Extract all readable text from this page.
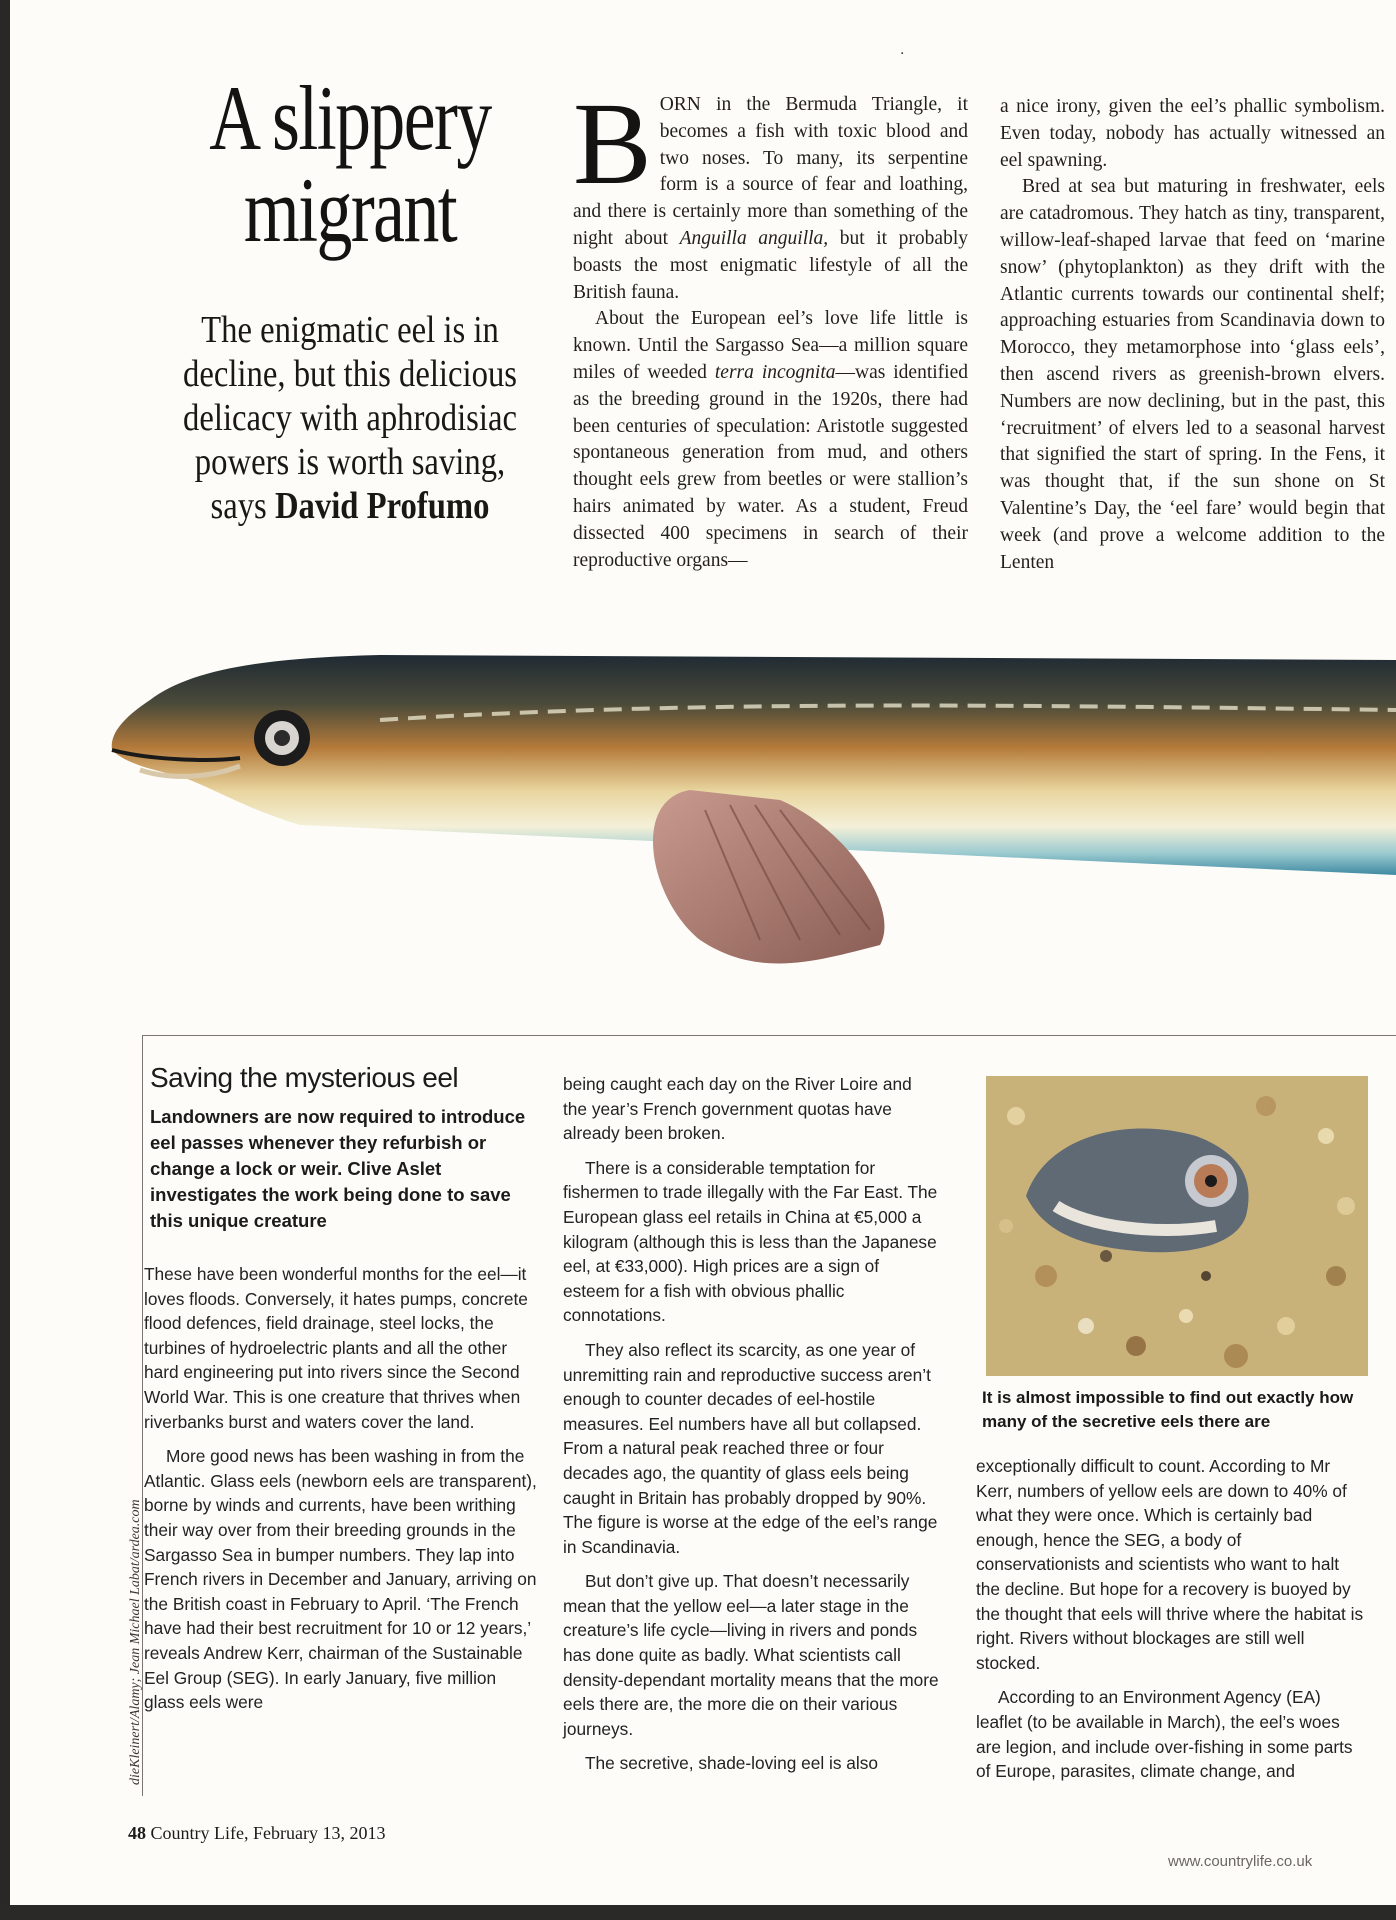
·
A slippery migrant
The enigmatic eel is in decline, but this delicious delicacy with aphrodisiac powers is worth saving, says David Profumo

BORN in the Bermuda Triangle, it becomes a fish with toxic blood and two noses. To many, its serpentine form is a source of fear and loathing, and there is certainly more than something of the night about Anguilla anguilla, but it probably boasts the most enigmatic lifestyle of all the British fauna.

About the European eel’s love life little is known. Until the Sargasso Sea—a million square miles of weeded terra incognita—was identified as the breeding ground in the 1920s, there had been centuries of speculation: Aristotle suggested spontaneous generation from mud, and others thought eels grew from beetles or were stallion’s hairs animated by water. As a student, Freud dissected 400 specimens in search of their reproductive organs—

a nice irony, given the eel’s phallic symbolism. Even today, nobody has actually witnessed an eel spawning.

Bred at sea but maturing in freshwater, eels are catadromous. They hatch as tiny, transparent, willow-leaf-shaped larvae that feed on ‘marine snow’ (phytoplankton) as they drift with the Atlantic currents towards our continental shelf; approaching estuaries from Scandinavia down to Morocco, they metamorphose into ‘glass eels’, then ascend rivers as greenish-brown elvers. Numbers are now declining, but in the past, this ‘recruitment’ of elvers led to a seasonal harvest that signified the start of spring. In the Fens, it was thought that, if the sun shone on St Valentine’s Day, the ‘eel fare’ would begin that week (and prove a welcome addition to the Lenten

Saving the mysterious eel
Landowners are now required to introduce eel passes whenever they refurbish or change a lock or weir. Clive Aslet investigates the work being done to save this unique creature

These have been wonderful months for the eel—it loves floods. Conversely, it hates pumps, concrete flood defences, field drainage, steel locks, the turbines of hydroelectric plants and all the other hard engineering put into rivers since the Second World War. This is one creature that thrives when riverbanks burst and waters cover the land.

More good news has been washing in from the Atlantic. Glass eels (newborn eels are transparent), borne by winds and currents, have been writhing their way over from their breeding grounds in the Sargasso Sea in bumper numbers. They lap into French rivers in December and January, arriving on the British coast in February to April. ‘The French have had their best recruitment for 10 or 12 years,’ reveals Andrew Kerr, chairman of the Sustainable Eel Group (SEG). In early January, five million glass eels were

being caught each day on the River Loire and the year’s French government quotas have already been broken.

There is a considerable temptation for fishermen to trade illegally with the Far East. The European glass eel retails in China at €5,000 a kilogram (although this is less than the Japanese eel, at €33,000). High prices are a sign of esteem for a fish with obvious phallic connotations.

They also reflect its scarcity, as one year of unremitting rain and reproductive success aren’t enough to counter decades of eel-hostile measures. Eel numbers have all but collapsed. From a natural peak reached three or four decades ago, the quantity of glass eels being caught in Britain has probably dropped by 90%. The figure is worse at the edge of the eel’s range in Scandinavia.

But don’t give up. That doesn’t necessarily mean that the yellow eel—a later stage in the creature’s life cycle—living in rivers and ponds has done quite as badly. What scientists call density-dependant mortality means that the more eels there are, the more die on their various journeys.

The secretive, shade-loving eel is also

It is almost impossible to find out exactly how many of the secretive eels there are

exceptionally difficult to count. According to Mr Kerr, numbers of yellow eels are down to 40% of what they were once. Which is certainly bad enough, hence the SEG, a body of conservationists and scientists who want to halt the decline. But hope for a recovery is buoyed by the thought that eels will thrive where the habitat is right. Rivers without blockages are still well stocked.

According to an Environment Agency (EA) leaflet (to be available in March), the eel’s woes are legion, and include over-fishing in some parts of Europe, parasites, climate change, and

dieKleinert/Alamy; Jean Michael Labat/ardea.com
48 Country Life, February 13, 2013
www.countrylife.co.uk
